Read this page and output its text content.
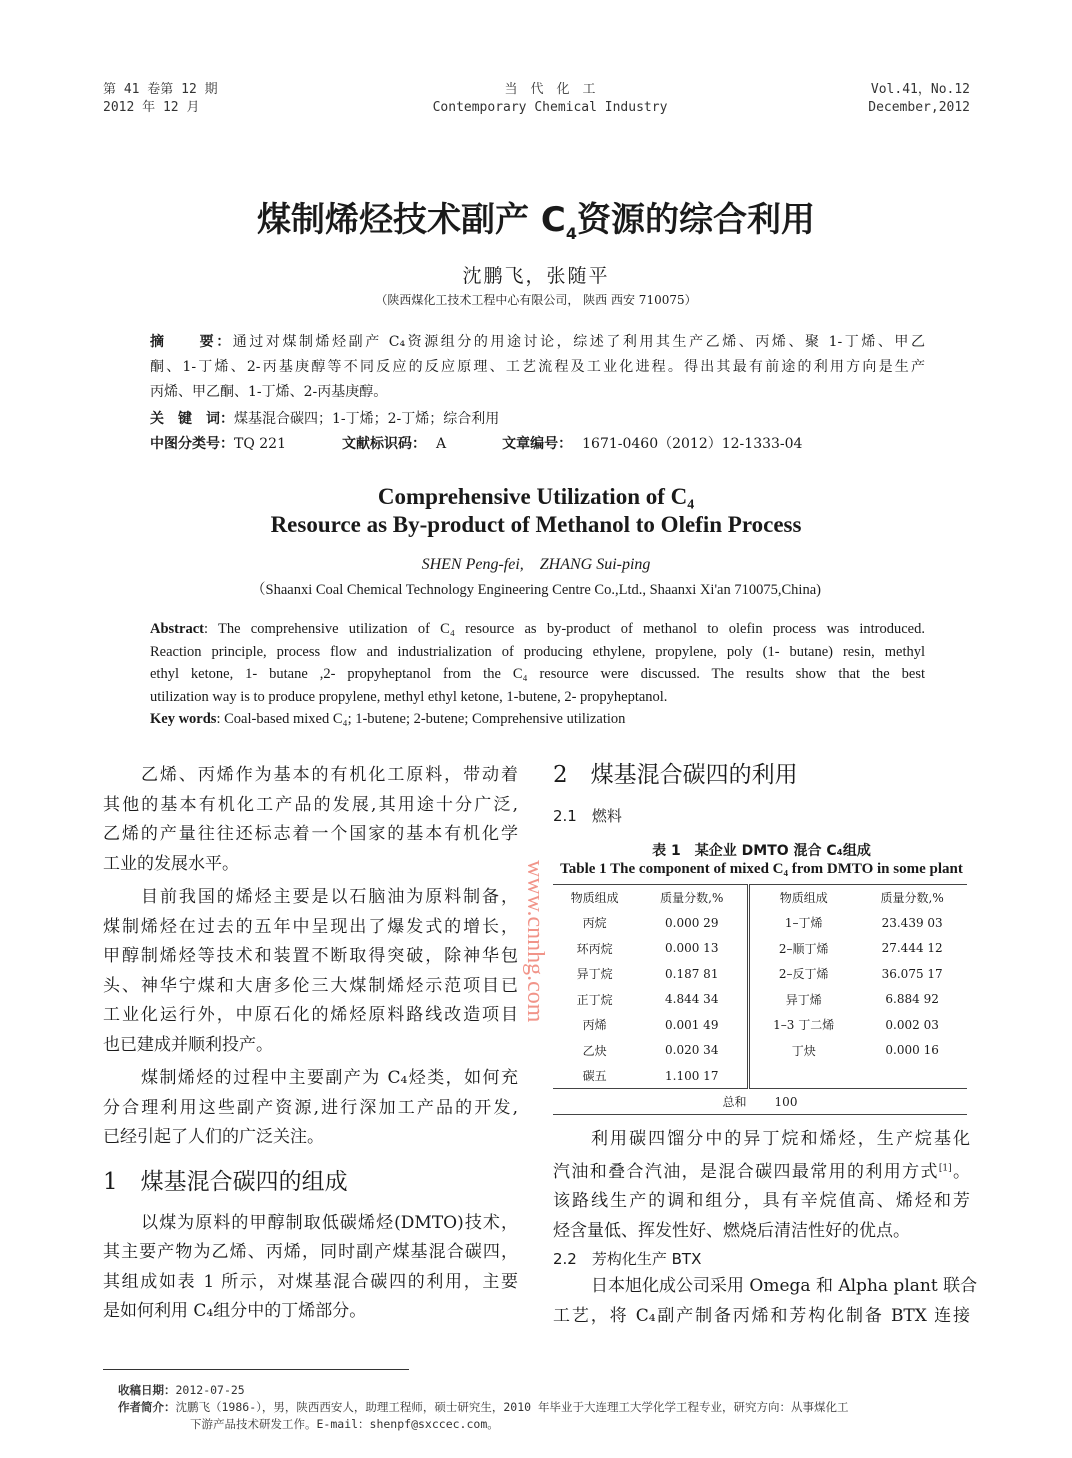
第 41 卷第 12 期
2012 年 12 月
当　代　化　工
Contemporary Chemical Industry
Vol.41，No.12
December,2012
煤制烯烃技术副产 $C_4$资源的综合利用
沈鹏飞，张随平
（陕西煤化工技术工程中心有限公司， 陕西 西安 710075）
摘　　要：通过对煤制烯烃副产 C₄资源组分的用途讨论，综述了利用其生产乙烯、丙烯、聚 1-丁烯、甲乙
酮、1-丁烯、2-丙基庚醇等不同反应的反应原理、工艺流程及工业化进程。得出其最有前途的利用方向是生产
丙烯、甲乙酮、1-丁烯、2-丙基庚醇。
关　键　词：煤基混合碳四；1-丁烯；2-丁烯；综合利用
中图分类号：TQ 221	文献标识码： A	文章编号： 1671-0460（2012）12-1333-04
Comprehensive Utilization of C₄
Resource as By-product of Methanol to Olefin Process
SHEN Peng-fei,　ZHANG Sui-ping
（Shaanxi Coal Chemical Technology Engineering Centre Co.,Ltd., Shaanxi Xi'an 710075,China)
Abstract: The comprehensive utilization of C₄ resource as by-product of methanol to olefin process was introduced.
Reaction principle, process flow and industrialization of producing ethylene, propylene, poly (1- butane) resin, methyl
ethyl ketone, 1- butane ,2- propyheptanol from the C₄ resource were discussed. The results show that the best
utilization way is to produce propylene, methyl ethyl ketone, 1-butene, 2- propyheptanol.
Key words: Coal-based mixed C₄; 1-butene; 2-butene; Comprehensive utilization
www.cnnhg.com
乙烯、丙烯作为基本的有机化工原料，带动着
其他的基本有机化工产品的发展,其用途十分广泛,
乙烯的产量往往还标志着一个国家的基本有机化学
工业的发展水平。
目前我国的烯烃主要是以石脑油为原料制备，
煤制烯烃在过去的五年中呈现出了爆发式的增长，
甲醇制烯烃等技术和装置不断取得突破，除神华包
头、神华宁煤和大唐多伦三大煤制烯烃示范项目已
工业化运行外，中原石化的烯烃原料路线改造项目
也已建成并顺利投产。
煤制烯烃的过程中主要副产为 C₄烃类，如何充
分合理利用这些副产资源,进行深加工产品的开发,
已经引起了人们的广泛关注。
1　煤基混合碳四的组成
以煤为原料的甲醇制取低碳烯烃(DMTO)技术，
其主要产物为乙烯、丙烯，同时副产煤基混合碳四，
其组成如表 1 所示，对煤基混合碳四的利用，主要
是如何利用 C₄组分中的丁烯部分。
2　煤基混合碳四的利用
2.1　燃料
表 1　某企业 DMTO 混合 C₄组成
Table 1 The component of mixed C₄ from DMTO in some plant
物质组成	质量分数,%	物质组成	质量分数,%
丙烷	0.000 29	1–丁烯	23.439 03
环丙烷	0.000 13	2–顺丁烯	27.444 12
异丁烷	0.187 81	2–反丁烯	36.075 17
正丁烷	4.844 34	异丁烯	6.884 92
丙烯	0.001 49	1–3 丁二烯	0.002 03
乙炔	0.020 34	丁炔	0.000 16
碳五	1.100 17		
总和 100			
利用碳四馏分中的异丁烷和烯烃，生产烷基化
汽油和叠合汽油，是混合碳四最常用的利用方式[1]。
该路线生产的调和组分，具有辛烷值高、烯烃和芳
烃含量低、挥发性好、燃烧后清洁性好的优点。
2.2　芳构化生产 BTX
日本旭化成公司采用 Omega 和 Alpha plant 联合
工艺，将 C₄副产制备丙烯和芳构化制备 BTX 连接
收稿日期：2012-07-25
作者简介：沈鹏飞（1986-），男，陕西西安人，助理工程师，硕士研究生，2010 年毕业于大连理工大学化学工程专业，研究方向：从事煤化工
下游产品技术研发工作。E-mail：shenpf@sxccec.com。
